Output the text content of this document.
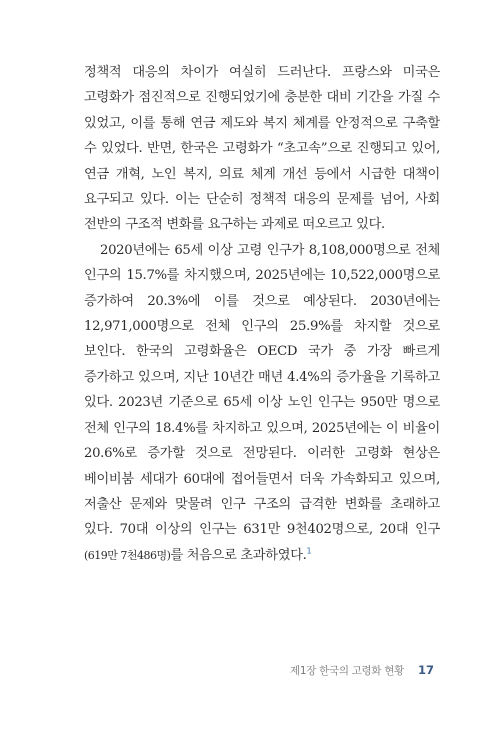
정책적 대응의 차이가 여실히 드러난다. 프랑스와 미국은 고령화가 점진적으로 진행되었기에 충분한 대비 기간을 가질 수 있었고, 이를 통해 연금 제도와 복지 체계를 안정적으로 구축할 수 있었다. 반면, 한국은 고령화가 “초고속”으로 진행되고 있어, 연금 개혁, 노인 복지, 의료 체계 개선 등에서 시급한 대책이 요구되고 있다. 이는 단순히 정책적 대응의 문제를 넘어, 사회 전반의 구조적 변화를 요구하는 과제로 떠오르고 있다.

2020년에는 65세 이상 고령 인구가 8,108,000명으로 전체 인구의 15.7%를 차지했으며, 2025년에는 10,522,000명으로 증가하여 20.3%에 이를 것으로 예상된다. 2030년에는 12,971,000명으로 전체 인구의 25.9%를 차지할 것으로 보인다. 한국의 고령화율은 OECD 국가 중 가장 빠르게 증가하고 있으며, 지난 10년간 매년 4.4%의 증가율을 기록하고 있다. 2023년 기준으로 65세 이상 노인 인구는 950만 명으로 전체 인구의 18.4%를 차지하고 있으며, 2025년에는 이 비율이 20.6%로 증가할 것으로 전망된다. 이러한 고령화 현상은 베이비붐 세대가 60대에 접어들면서 더욱 가속화되고 있으며, 저출산 문제와 맞물려 인구 구조의 급격한 변화를 초래하고 있다. 70대 이상의 인구는 631만 9천402명으로, 20대 인구(619만 7천486명)를 처음으로 초과하였다.$^1$

제1장 한국의 고령화 현황 17
